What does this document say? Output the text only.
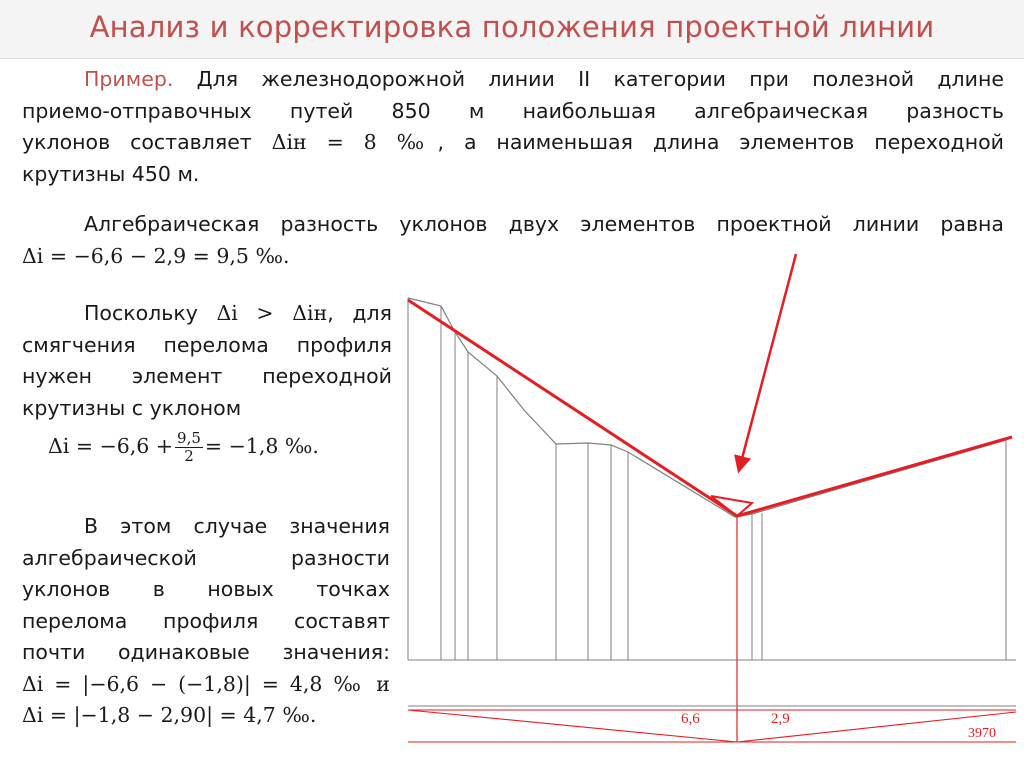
Анализ и корректировка положения проектной линии
Пример. Для железнодорожной линии II категории при полезной длине
приемо-отправочных путей 850 м наибольшая алгебраическая разность
уклонов составляет Δiн = 8 ‰, а наименьшая длина элементов переходной
крутизны 450 м.
Алгебраическая разность уклонов двух элементов проектной линии равна
Δi = −6,6 − 2,9 = 9,5 ‰.
Поскольку Δi > Δiн, для
смягчения перелома профиля
нужен элемент переходной
крутизны с уклоном
$\Delta i = -6,6 + \frac{9,5}{2} = -1,8$ ‰.
В этом случае значения
алгебраической разности
уклонов в новых точках
перелома профиля составят
почти одинаковые значения:
Δi = |−6,6 − (−1,8)| = 4,8 ‰ и
Δi = |−1,8 − 2,90| = 4,7 ‰.	6,6	2,9
3970
